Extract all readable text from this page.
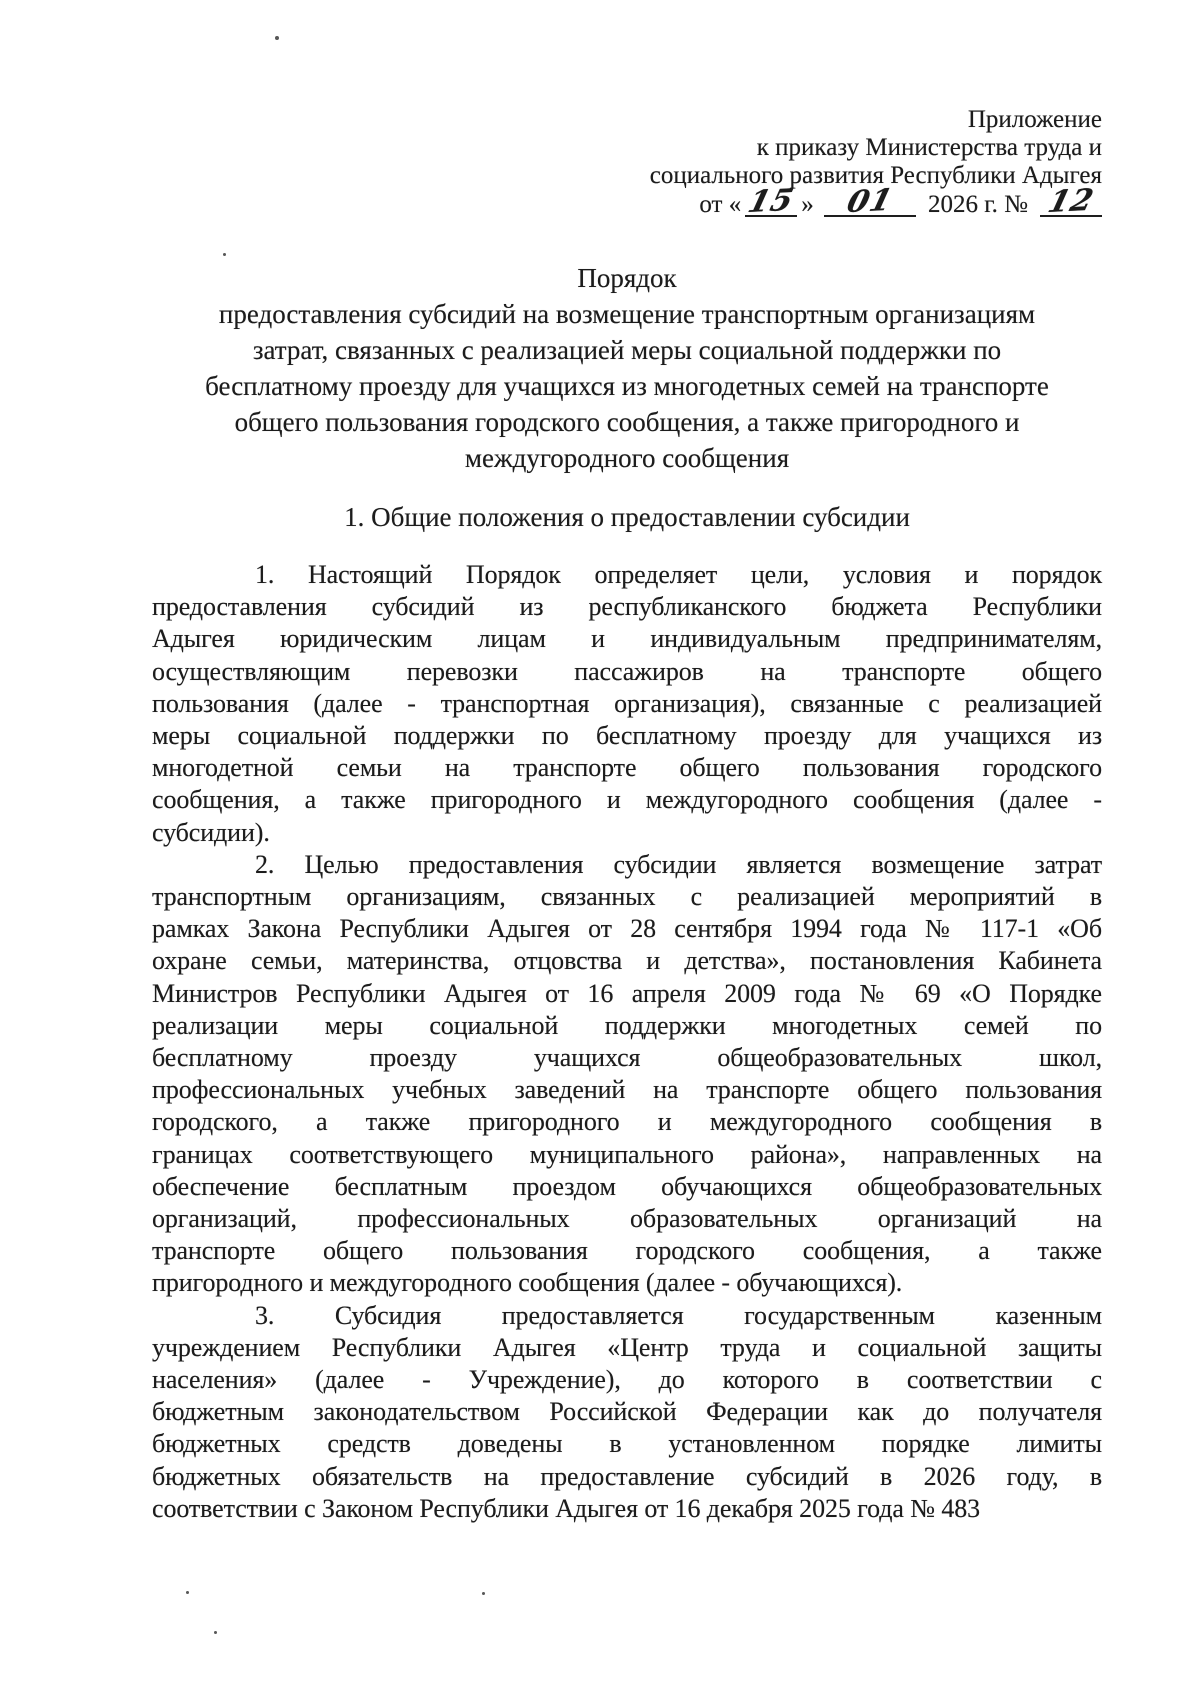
Приложение
к приказу Министерства труда и
социального развития Республики Адыгея
от « 15 » 01 2026 г. № 12
Порядок
предоставления субсидий на возмещение транспортным организациям
затрат, связанных с реализацией меры социальной поддержки по
бесплатному проезду для учащихся из многодетных семей на транспорте
общего пользования городского сообщения, а также пригородного и
междугородного сообщения
1. Общие положения о предоставлении субсидии
1. Настоящий Порядок определяет цели, условия и порядок
предоставления субсидий из республиканского бюджета Республики
Адыгея юридическим лицам и индивидуальным предпринимателям,
осуществляющим перевозки пассажиров на транспорте общего
пользования (далее - транспортная организация), связанные с реализацией
меры социальной поддержки по бесплатному проезду для учащихся из
многодетной семьи на транспорте общего пользования городского
сообщения, а также пригородного и междугородного сообщения (далее -
субсидии).
2. Целью предоставления субсидии является возмещение затрат
транспортным организациям, связанных с реализацией мероприятий в
рамках Закона Республики Адыгея от 28 сентября 1994 года № 117-1 «Об
охране семьи, материнства, отцовства и детства», постановления Кабинета
Министров Республики Адыгея от 16 апреля 2009 года № 69 «О Порядке
реализации меры социальной поддержки многодетных семей по
бесплатному проезду учащихся общеобразовательных школ,
профессиональных учебных заведений на транспорте общего пользования
городского, а также пригородного и междугородного сообщения в
границах соответствующего муниципального района», направленных на
обеспечение бесплатным проездом обучающихся общеобразовательных
организаций, профессиональных образовательных организаций на
транспорте общего пользования городского сообщения, а также
пригородного и междугородного сообщения (далее - обучающихся).
3. Субсидия предоставляется государственным казенным
учреждением Республики Адыгея «Центр труда и социальной защиты
населения» (далее - Учреждение), до которого в соответствии с
бюджетным законодательством Российской Федерации как до получателя
бюджетных средств доведены в установленном порядке лимиты
бюджетных обязательств на предоставление субсидий в 2026 году, в
соответствии с Законом Республики Адыгея от 16 декабря 2025 года № 483
